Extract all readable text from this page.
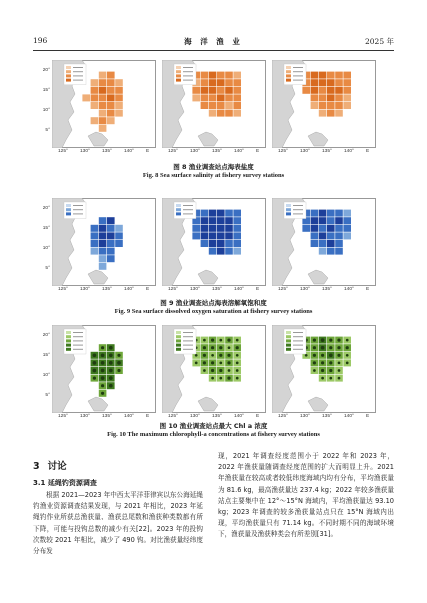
196	海 洋 渔 业	2025 年
图 8 渔业调查站点海表盐度
Fig. 8 Sea surface salinity at fishery survey stations
图 9 渔业调查站点海表溶解氧饱和度
Fig. 9 Sea surface dissolved oxygen saturation at fishery survey stations
图 10 渔业调查站点最大 Chl a 浓度
Fig. 10 The maximum chlorophyll-a concentrations at fishery survey stations
3 讨论
3.1 延绳钓资源调查
根据 2021—2023 年中西太平洋菲律宾以东公海延绳钓渔业资源调查结果发现，与 2021 年相比，2023 年延绳钓作业所获总渔获量、渔获总尾数和渔获种类数都有所下降，可能与投钩总数的减少有关[22]。2023 年的投钩次数较 2021 年相比，减少了 490 钩。对比渔获量经纬度分布发
现，2021 年调查经度范围小于 2022 年和 2023 年，2022 年渔获量随调查经度范围的扩大而明显上升。2021 年渔获量在较高或者较低纬度海域内均有分布，平均渔获量为 81.6 kg，最高渔获量达 237.4 kg；2022 年较多渔获量站点主要集中在 12°～15°N 海域内，平均渔获量达 93.10 kg；2023 年调查的较多渔获量站点只在 15°N 海域内出现，平均渔获量只有 71.14 kg。不同时期不同的海域环境下，渔获量及渔获种类会有所差别[31]。
125°	125°	125°
130°	130°	130°
135°	135°	135°
140°	140°	140°
E	E	E
20°
15°
10°
5°
125°	125°	125°
130°	130°	130°
135°	135°	135°
140°	140°	140°
E	E	E
20°
15°
10°
5°
125°	125°	125°
130°	130°	130°
135°	135°	135°
140°	140°	140°
E	E	E
20°
15°
10°
5°
